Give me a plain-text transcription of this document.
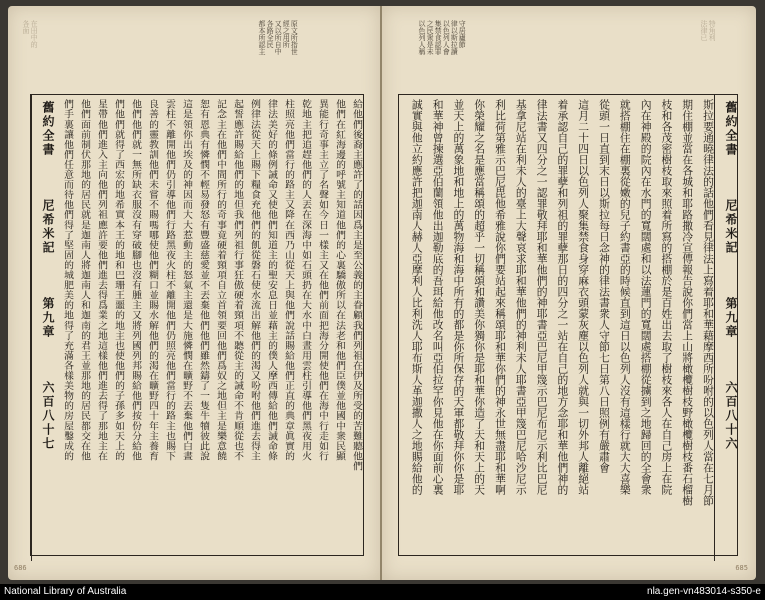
在田中的
各面	原文所指世
經之用所
又以所自中
各路全民
都本所認主
舊約全書尼希米記第九章六百八十七	給他們後裔主應許了的話因爲主是至公義的主眷顧我們列祖在伊及所受的苦難聽他們
他們在紅海邊的呼號主知道他們的心裏驕傲所以在法老和他們臣僕並他國中衆民顯
異能行奇事主立了名聲如今日一樣主又在他們前面把海分開使他們在海中行走如行
乾地主把追趕他們的人丟在深海中如石頭扔在大水中白晝用雲柱引導他們黑夜用火
柱照亮他們當行的路主又降在西乃山從天上與他們說話賜給他們正直的典章眞實的
律法美好的條例誡命又使他們知道主的聖安息日並藉主的僕人摩西傳給他們誡命條
例律法從天上賜下糧食充他們的飢從磐石使水流出解他們的渴又吩咐他們進去得主
起誓應許賜給他們的地但我們列祖行事狂傲硬着頸項不聽從主的誡命不肯順從也不
記念主在他們中間所行的奇事竟硬着頸項自立首領要回他們爲奴之地但主是樂意饒
恕有恩典有憐憫不輕易發怒有豐盛慈愛並不丟棄他們他們雖然鑄了一隻牛犢彼此說
這是領你出埃及的神因而大大惹動主的怒氣主還是大施憐憫在曠野不丟棄他們白晝
雲柱不離開他們仍引導他們行路黑夜火柱不離開他們仍照亮他們當行的路主也賜下
良善的靈教訓他們未嘗不賜嗎哪使他們糊口並賜水解他們的渴在曠野四十年主養育
他們他們就一無所缺衣服沒有穿破腳也沒有腫主又將列國列邦賜給他們按份分給他
們他們就得了西宏的地希實本王的地和巴珊王噩的地主也使他們的子孫多如天上的
星帶他們進入主向他們列祖應許要他們進去得爲業之地這樣他們進去得了那地主在
他們面前制伏那地的居民就是迦南人將迦南人和迦南的君王並那地的居民都交在他
們手裏讓他們任意而待他們得了堅固的城肥美的地得了充滿各樣美物的房屋鑿成的
686
守居廬節
律以斯拉讀
以色列人會
集禁食認罪
之民衆是未
以色列人稱	特角利
法律已
舊約全書尼希米記第九章六百八十六
斯拉要通曉律法的話他們看見律法上寫着耶和華藉摩西所吩咐的以色列人當在七月節
期住棚並當在各城和耶路撒冷宣傳報告說你們當上山將橄欖樹枝野橄欖樹枝番石榴樹
枝和各茂密樹枝取來照着所寫的搭棚於是百姓出去取了樹枝來各人在自己房上在院
內在神殿的院內在水門的寬闊處和以法蓮門的寬闊處搭棚從擄到之地歸回的全會衆
就搭棚住在棚裏從嫩的兒子約書亞的時候直到這日以色列人沒有這樣行就大大喜樂
從頭一日直到末日以斯拉每日念神的律法書衆人守節七日第八日照例有嚴肅會
這月二十四日以色列人聚集禁食身穿麻衣頭蒙灰塵以色列人就與一切外邦人離絕站
着承認自己的罪孽和列祖的罪孽那日的四分之一站在自己的地方念耶和華他們神的
律法書又四分之一認罪敬拜耶和華他們的神耶書亞巴尼甲篾示巴尼布尼示利比巴尼
基拿尼站在利未人的臺上大聲哀求耶和華他們的神利未人耶書亞甲篾巴尼哈沙尼示
利比荷第雅示巴尼毘他希雅說你們要站起來稱頌耶和華你們的神永世無盡耶和華啊
你榮耀之名是應當稱頌的超乎一切稱頌和讚美你獨你是耶和華你造了天和天上的天
並天上的萬象地和地上的萬物海和海中所有的都是你所保存的天軍都敬拜你你是耶
和華神曾揀選亞伯蘭領他出迦勒底的吾珥給他改名叫亞伯拉罕你見他在你面前心裏
誠實與他立約應許把迦南人赫人亞摩利人比利洗人耶布斯人革迦撒人之地賜給他的
685
National Library of Australia	nla.gen-vn483014-s350-e
